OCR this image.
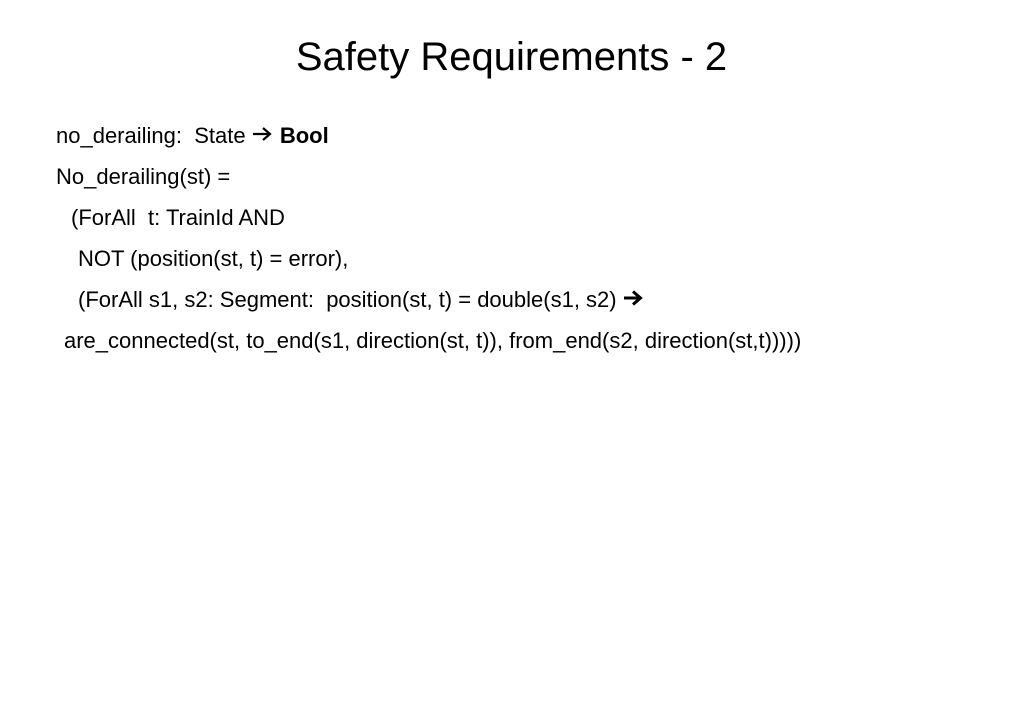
Safety Requirements - 2
no_derailing:  State  Bool
No_derailing(st) =
(ForAll  t: TrainId AND
NOT (position(st, t) = error),
(ForAll s1, s2: Segment:  position(st, t) = double(s1, s2)
are_connected(st, to_end(s1, direction(st, t)), from_end(s2, direction(st,t)))))
